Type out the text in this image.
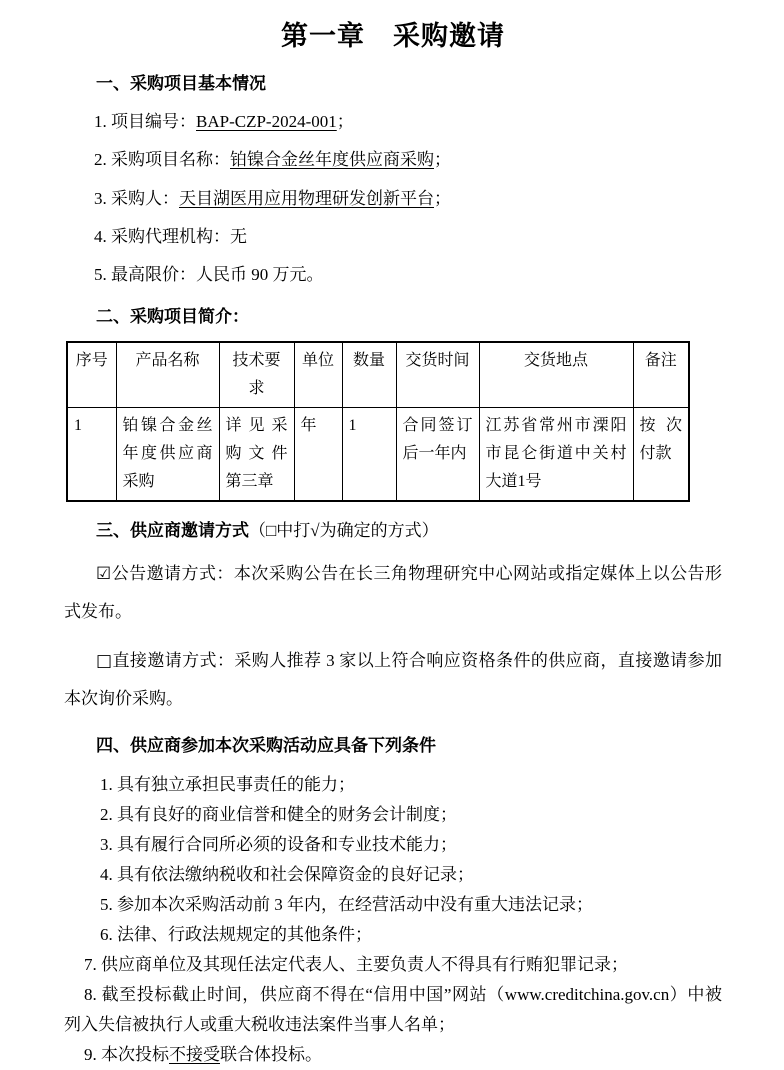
第一章　采购邀请
一、采购项目基本情况

1. 项目编号：BAP-CZP-2024-001；

2. 采购项目名称：铂镍合金丝年度供应商采购；

3. 采购人：天目湖医用应用物理研发创新平台；

4. 采购代理机构：无

5. 最高限价：人民币 90 万元。

二、采购项目简介：
序号	产品名称	技术要求	单位	数量	交货时间	交货地点	备注
1	铂镍合金丝年度供应商采购	详见采购文件第三章	年	1	合同签订后一年内	江苏省常州市溧阳市昆仑街道中关村大道1号	按次付款
三、供应商邀请方式（□中打√为确定的方式）

☑公告邀请方式：本次采购公告在长三角物理研究中心网站或指定媒体上以公告形式发布。

□直接邀请方式：采购人推荐 3 家以上符合响应资格条件的供应商，直接邀请参加本次询价采购。

四、供应商参加本次采购活动应具备下列条件

1. 具有独立承担民事责任的能力；

2. 具有良好的商业信誉和健全的财务会计制度；

3. 具有履行合同所必须的设备和专业技术能力；

4. 具有依法缴纳税收和社会保障资金的良好记录；

5. 参加本次采购活动前 3 年内，在经营活动中没有重大违法记录；

6. 法律、行政法规规定的其他条件；

7. 供应商单位及其现任法定代表人、主要负责人不得具有行贿犯罪记录；

8. 截至投标截止时间，供应商不得在“信用中国”网站（www.creditchina.gov.cn）中被列入失信被执行人或重大税收违法案件当事人名单；

9. 本次投标不接受联合体投标。
